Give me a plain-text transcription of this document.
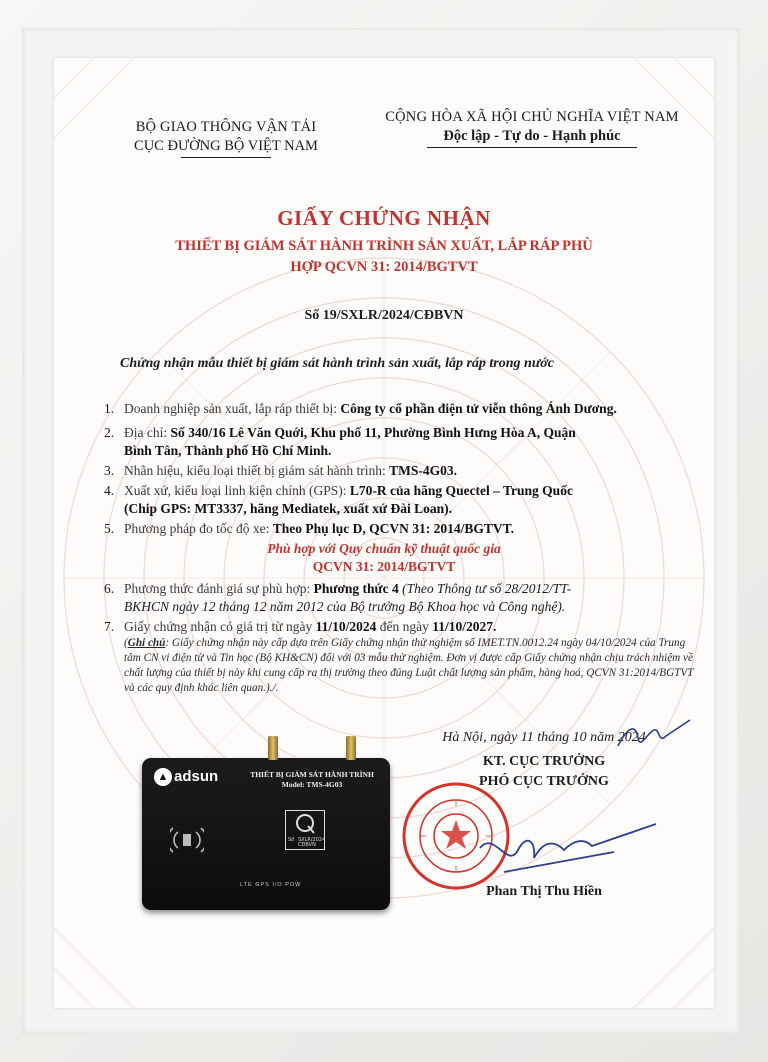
BỘ GIAO THÔNG VẬN TẢI
CỤC ĐƯỜNG BỘ VIỆT NAM
CỘNG HÒA XÃ HỘI CHỦ NGHĨA VIỆT NAM
Độc lập - Tự do - Hạnh phúc
GIẤY CHỨNG NHẬN
THIẾT BỊ GIÁM SÁT HÀNH TRÌNH SẢN XUẤT, LẮP RÁP PHÙ
HỢP QCVN 31: 2014/BGTVT
Số 19/SXLR/2024/CĐBVN
Chứng nhận mẫu thiết bị giám sát hành trình sản xuất, lắp ráp trong nước
1. Doanh nghiệp sản xuất, lắp ráp thiết bị: Công ty cổ phần điện tử viễn thông Ánh Dương.
2. Địa chỉ: Số 340/16 Lê Văn Quới, Khu phố 11, Phường Bình Hưng Hòa A, Quận
Bình Tân, Thành phố Hồ Chí Minh.
3. Nhãn hiệu, kiểu loại thiết bị giám sát hành trình: TMS-4G03.
4. Xuất xứ, kiểu loại linh kiện chính (GPS): L70-R của hãng Quectel – Trung Quốc
(Chip GPS: MT3337, hãng Mediatek, xuất xứ Đài Loan).
5. Phương pháp đo tốc độ xe: Theo Phụ lục D, QCVN 31: 2014/BGTVT.
Phù hợp với Quy chuẩn kỹ thuật quốc gia
QCVN 31: 2014/BGTVT
6. Phương thức đánh giá sự phù hợp: Phương thức 4 (Theo Thông tư số 28/2012/TT-
BKHCN ngày 12 tháng 12 năm 2012 của Bộ trưởng Bộ Khoa học và Công nghệ).
7. Giấy chứng nhận có giá trị từ ngày 11/10/2024 đến ngày 11/10/2027.
(Ghi chú: Giấy chứng nhận này cấp dựa trên Giấy chứng nhận thử nghiệm số IMET.TN.0012.24 ngày 04/10/2024 của Trung tâm CN vi điện tử và Tin học (Bộ KH&CN) đối với 03 mẫu thử nghiệm. Đơn vị được cấp Giấy chứng nhận chịu trách nhiệm về chất lượng của thiết bị này khi cung cấp ra thị trường theo đúng Luật chất lượng sản phẩm, hàng hoá, QCVN 31:2014/BGTVT và các quy định khác liên quan.)./.
Hà Nội, ngày 11 tháng 10 năm 2024
KT. CỤC TRƯỞNG
PHÓ CỤC TRƯỞNG
Phan Thị Thu Hiền
▲ adsun	THIẾT BỊ GIÁM SÁT HÀNH TRÌNH
Model: TMS-4G03
Số SXLR/2024
CĐBVN
LTE GPS I/O POW
